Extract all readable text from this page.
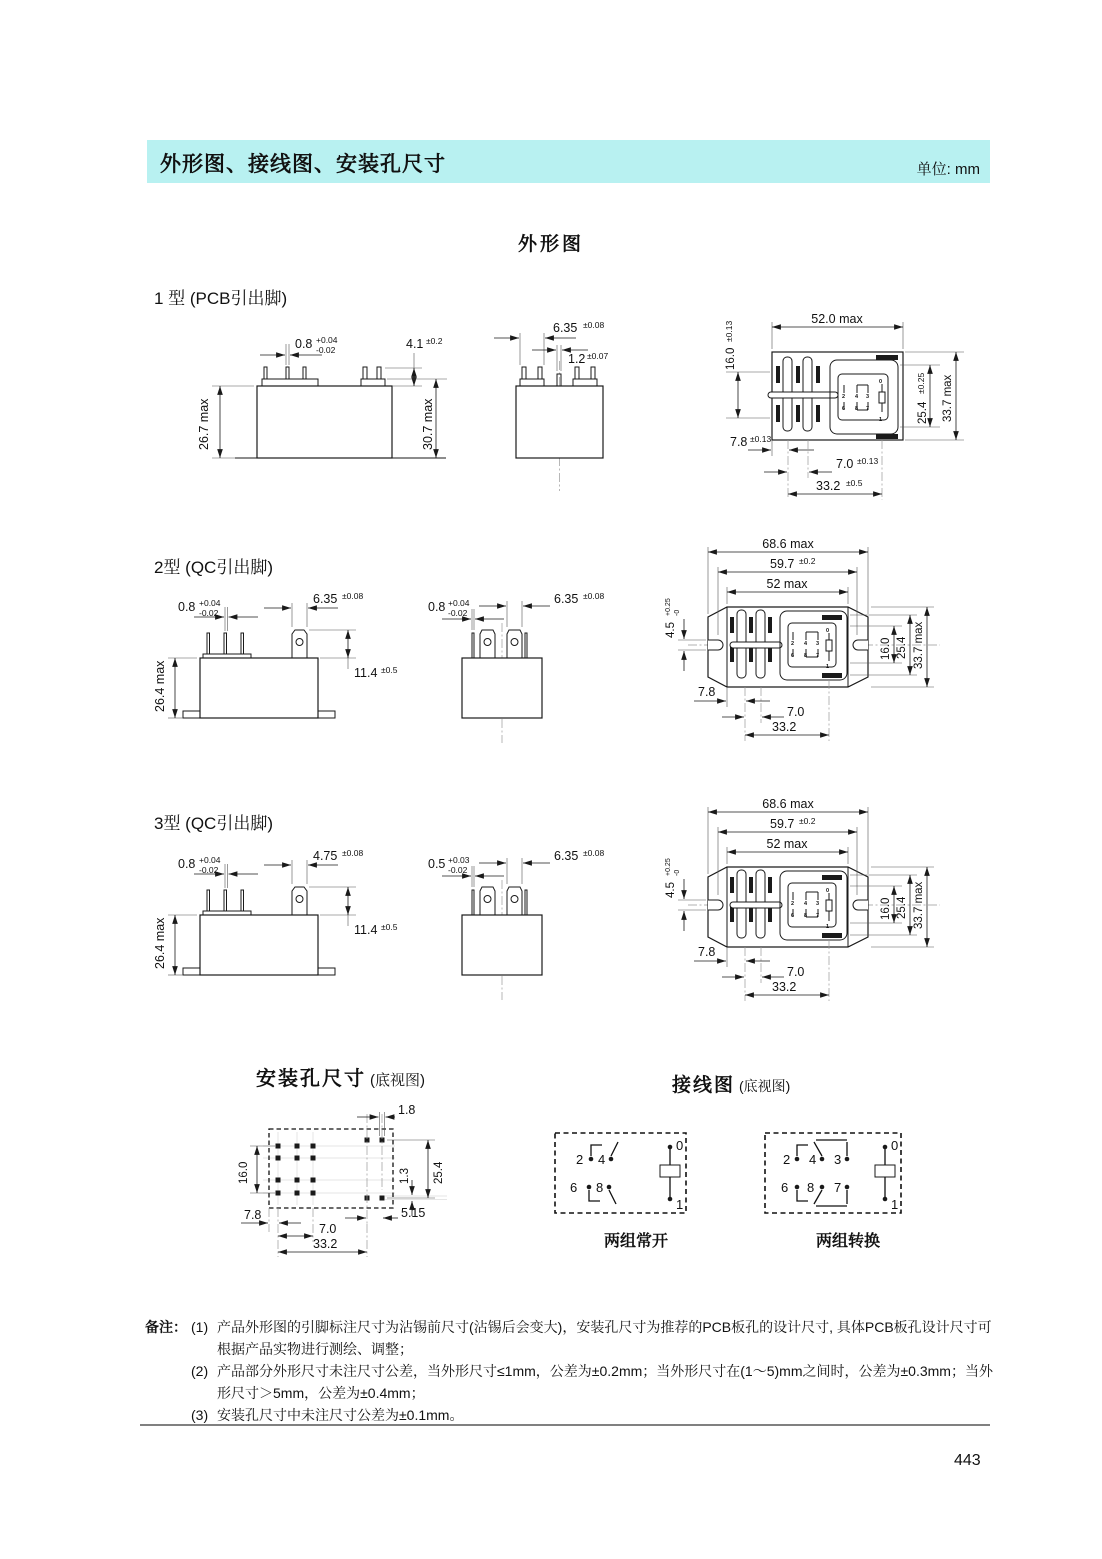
外形图、接线图、安装孔尺寸	单位: mm
外形图
1 型 (PCB引出脚)
2型 (QC引出脚)
3型 (QC引出脚)
0.8 +0.04
-0.02	4.1 ±0.2
26.7 max	30.7 max
6.35 ±0.08
1.2 ±0.07
2 4 3
6 8 7
0
1
52.0 max
16.0
±0.13
25.4
±0.25 33.7 max
7.8 ±0.13
7.0 ±0.13
33.2 ±0.5
0.8 +0.04
-0.02
6.35 ±0.08
11.4 ±0.5
26.4 max
0.8 +0.04
-0.02
6.35 ±0.08
2 4 3
6 8 7
0
1
52 max
59.7 ±0.2
68.6 max
4.5
+0.25 -0
16.0 25.4 33.7 max
7.8
7.0
33.2
0.8 +0.04
-0.02
4.75 ±0.08
11.4 ±0.5
26.4 max
0.5 +0.03
-0.02
6.35 ±0.08
安装孔尺寸 (底视图)
1.8
16.0	25.4
1.3
5.15
7.8
7.0
33.2
接线图 (底视图)
2 4
6 8
0
1
两组常开
2 4 3
6 8 7
0
1
两组转换
备注： (1) 产品外形图的引脚标注尺寸为沾锡前尺寸(沾锡后会变大)，安装孔尺寸为推荐的PCB板孔的设计尺寸, 具体PCB板孔设计尺寸可根据产品实物进行测绘、调整；
(2) 产品部分外形尺寸未注尺寸公差，当外形尺寸≤1mm，公差为±0.2mm；当外形尺寸在(1～5)mm之间时，公差为±0.3mm；当外形尺寸＞5mm，公差为±0.4mm；
(3) 安装孔尺寸中未注尺寸公差为±0.1mm。
443
2 4 3
6 8 7
0
1
52 max
59.7 ±0.2
68.6 max
4.5
+0.25 -0
16.0 25.4 33.7 max
7.8
7.0
33.2
